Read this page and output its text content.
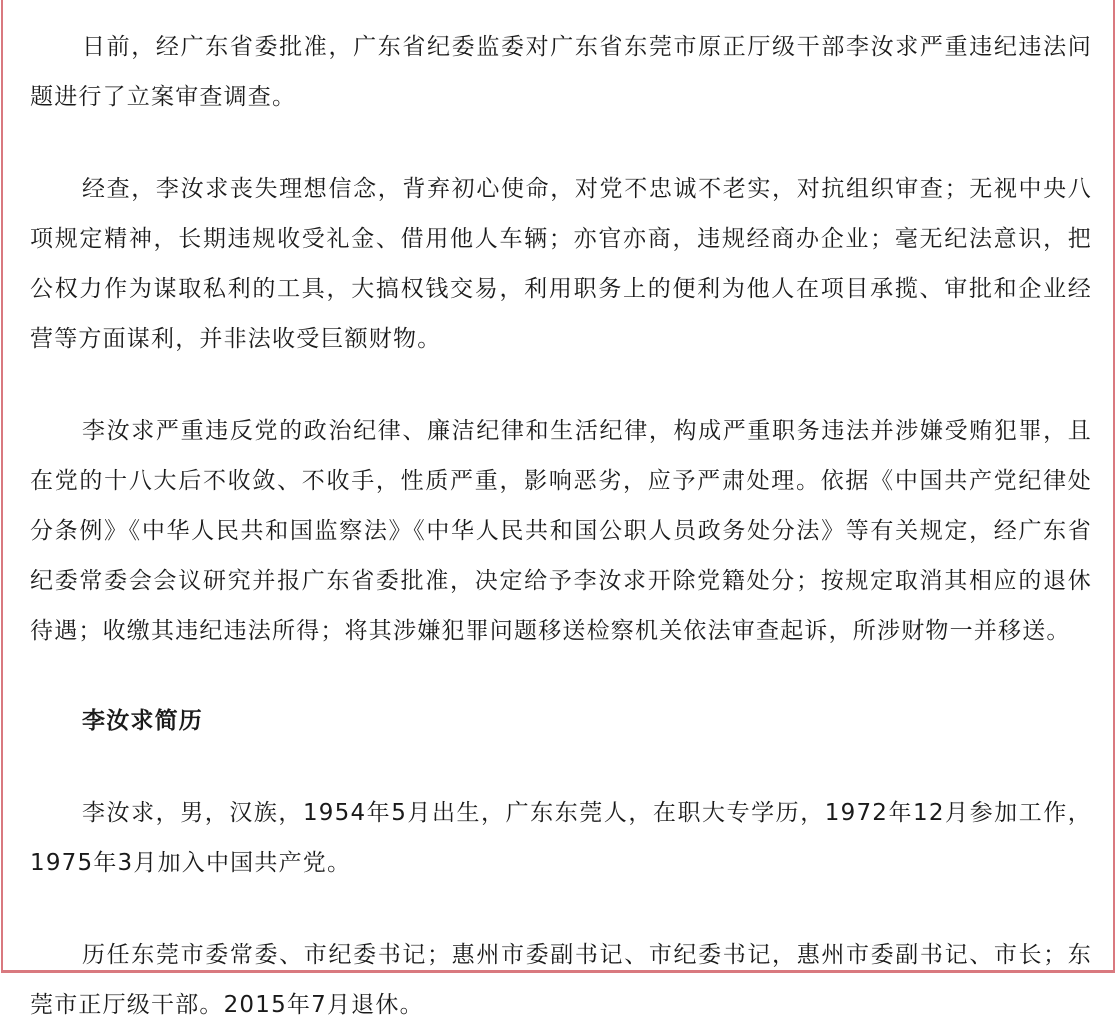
日前，经广东省委批准，广东省纪委监委对广东省东莞市原正厅级干部李汝求严重违纪违法问题进行了立案审查调查。

经查，李汝求丧失理想信念，背弃初心使命，对党不忠诚不老实，对抗组织审查；无视中央八项规定精神，长期违规收受礼金、借用他人车辆；亦官亦商，违规经商办企业；毫无纪法意识，把公权力作为谋取私利的工具，大搞权钱交易，利用职务上的便利为他人在项目承揽、审批和企业经营等方面谋利，并非法收受巨额财物。

李汝求严重违反党的政治纪律、廉洁纪律和生活纪律，构成严重职务违法并涉嫌受贿犯罪，且在党的十八大后不收敛、不收手，性质严重，影响恶劣，应予严肃处理。依据《中国共产党纪律处分条例》《中华人民共和国监察法》《中华人民共和国公职人员政务处分法》等有关规定，经广东省纪委常委会会议研究并报广东省委批准，决定给予李汝求开除党籍处分；按规定取消其相应的退休待遇；收缴其违纪违法所得；将其涉嫌犯罪问题移送检察机关依法审查起诉，所涉财物一并移送。

李汝求简历

李汝求，男，汉族，1954年5月出生，广东东莞人，在职大专学历，1972年12月参加工作，1975年3月加入中国共产党。

历任东莞市委常委、市纪委书记；惠州市委副书记、市纪委书记，惠州市委副书记、市长；东莞市正厅级干部。2015年7月退休。
